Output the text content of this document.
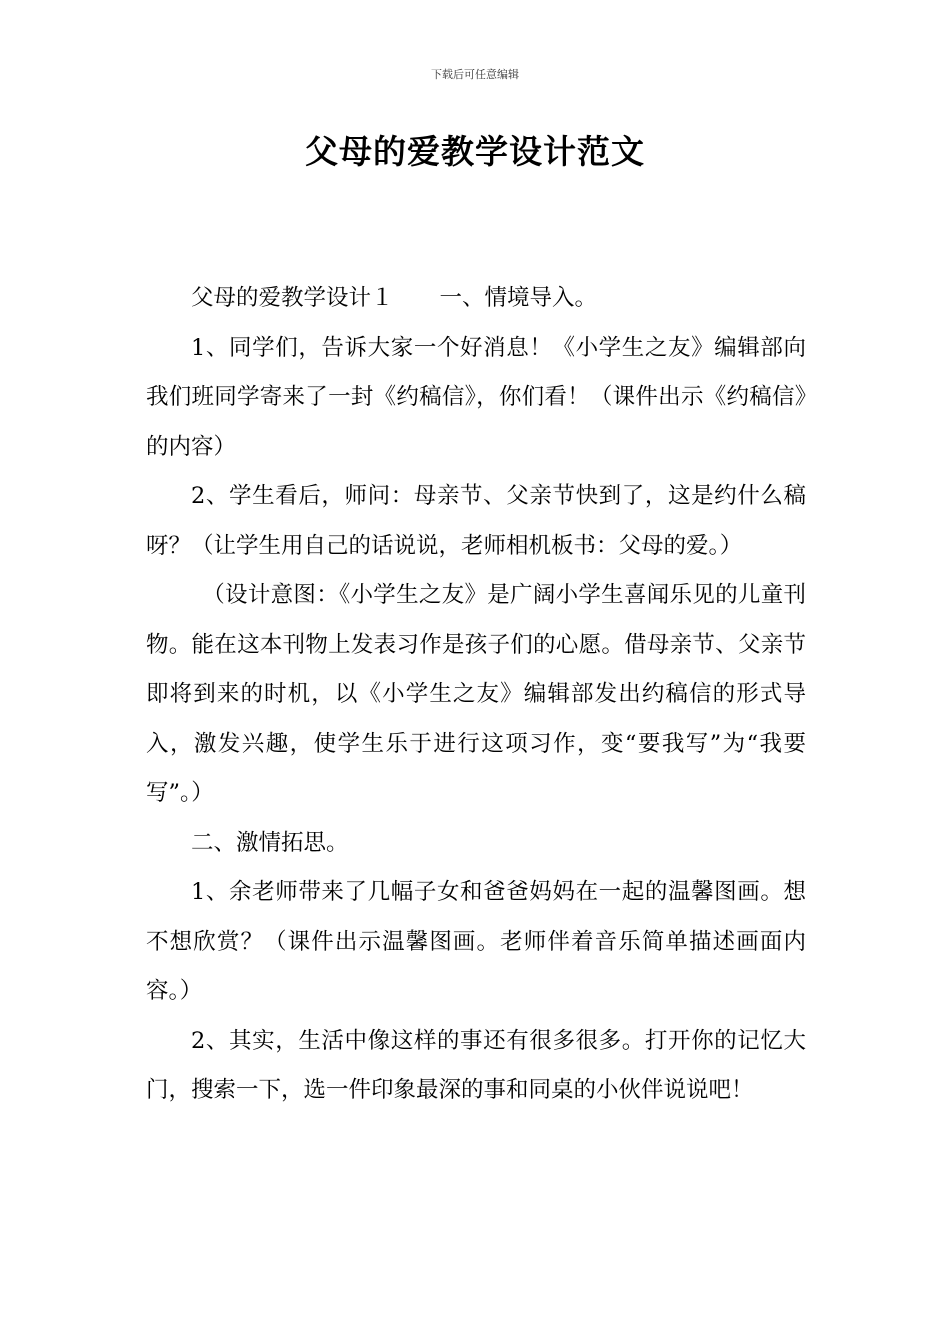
下载后可任意编辑
父母的爱教学设计范文

父母的爱教学设计１ 一、情境导入。

1、同学们，告诉大家一个好消息！《小学生之友》编辑部向我们班同学寄来了一封《约稿信》，你们看！（课件出示《约稿信》的内容）

2、学生看后，师问：母亲节、父亲节快到了，这是约什么稿呀？（让学生用自己的话说说，老师相机板书：父母的爱。）

（设计意图：《小学生之友》是广阔小学生喜闻乐见的儿童刊物。能在这本刊物上发表习作是孩子们的心愿。借母亲节、父亲节即将到来的时机，以《小学生之友》编辑部发出约稿信的形式导入，激发兴趣，使学生乐于进行这项习作，变“要我写”为“我要写”。）

二、激情拓思。

1、余老师带来了几幅子女和爸爸妈妈在一起的温馨图画。想不想欣赏？（课件出示温馨图画。老师伴着音乐简单描述画面内容。）

2、其实，生活中像这样的事还有很多很多。打开你的记忆大门，搜索一下，选一件印象最深的事和同桌的小伙伴说说吧！
